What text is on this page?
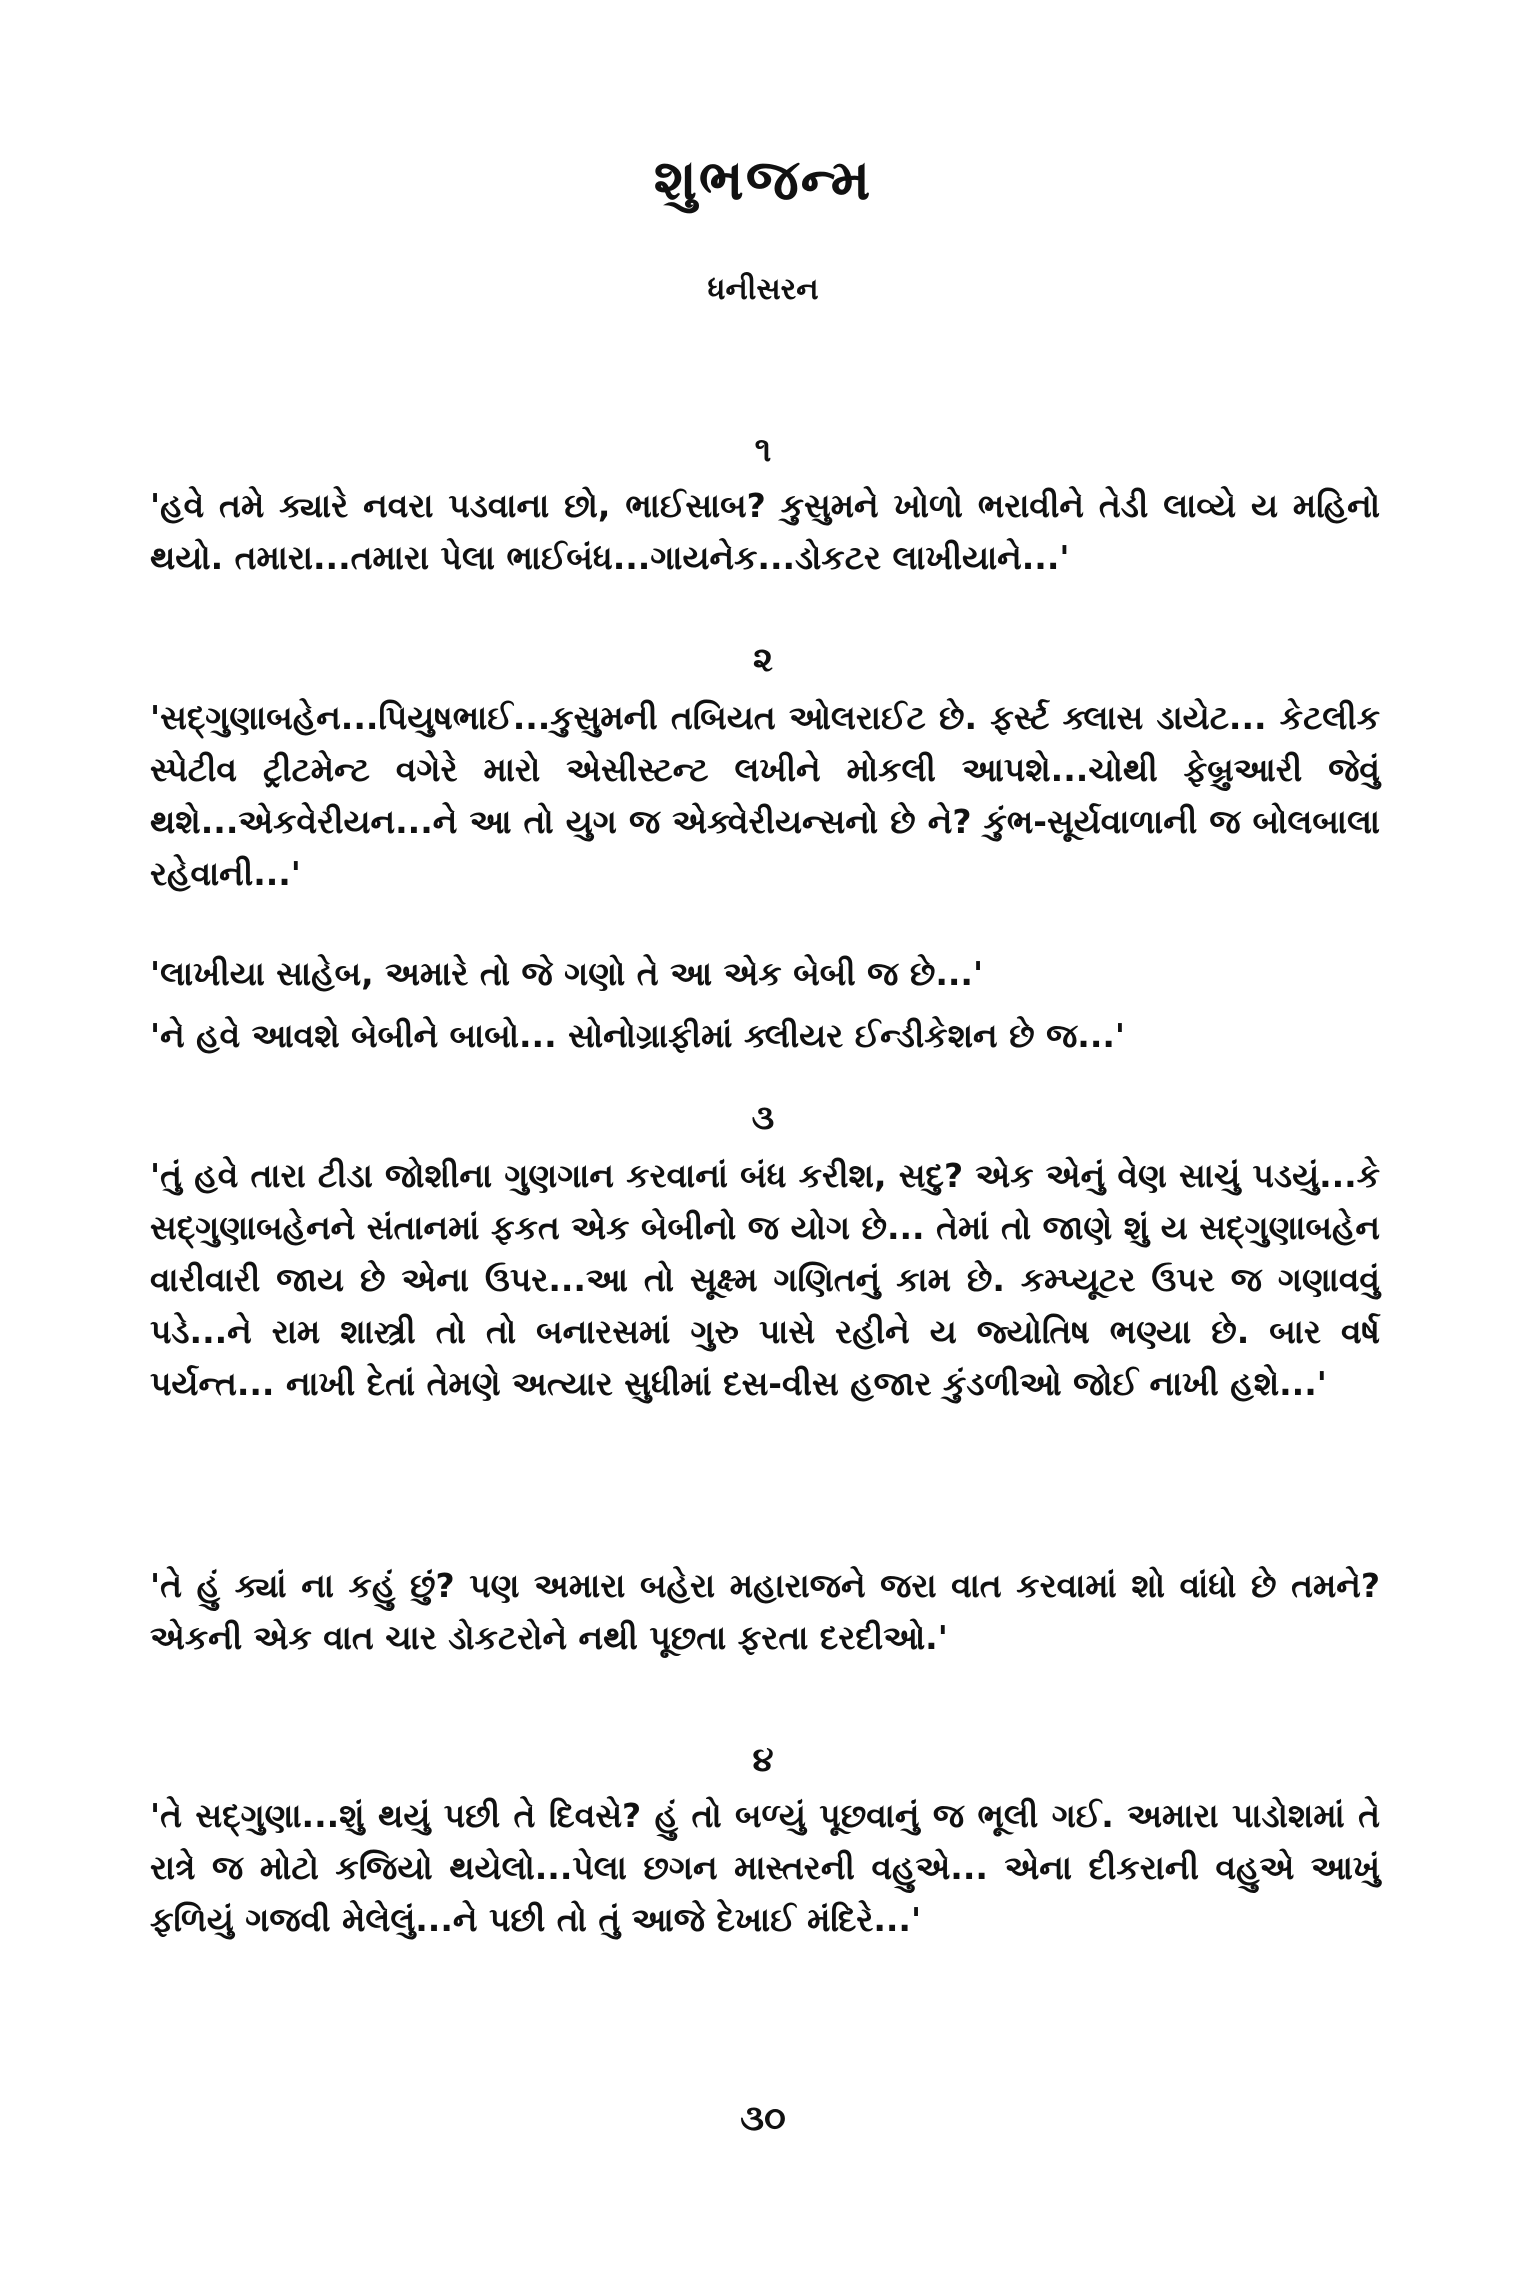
શુભજન્મ
ધનીસરન
૧
'હવે તમે ક્યારે નવરા પડવાના છો, ભાઈસાબ? કુસુમને ખોળો ભરાવીને તેડી લાવ્યે ય મહિનો થયો. તમારા...તમારા પેલા ભાઈબંધ...ગાયનેક...ડોકટર લાખીયાને...'
૨
'સદ્‌ગુણાબહેન...પિયુષભાઈ...કુસુમની તબિયત ઓલરાઈટ છે. ફર્સ્ટ ક્લાસ ડાયેટ... કેટલીક સ્પેટીવ ટ્રીટમેન્ટ વગેરે મારો એસીસ્ટન્ટ લખીને મોકલી આપશે...ચોથી ફેબ્રુઆરી જેવું થશે...એકવેરીયન...ને આ તો યુગ જ એક્વેરીયન્સનો છે ને? કુંભ-સૂર્યવાળાની જ બોલબાલા રહેવાની...'
'લાખીયા સાહેબ, અમારે તો જે ગણો તે આ એક બેબી જ છે...'
'ને હવે આવશે બેબીને બાબો... સોનોગ્રાફીમાં ક્લીયર ઈન્ડીકેશન છે જ...'
૩
'તું હવે તારા ટીડા જોશીના ગુણગાન કરવાનાં બંધ કરીશ, સદુ? એક એનું વેણ સાચું પડયું...કે સદ્‌ગુણાબહેનને સંતાનમાં ફકત એક બેબીનો જ યોગ છે... તેમાં તો જાણે શું ય સદ્‌ગુણાબહેન વારીવારી જાય છે એના ઉપર...આ તો સૂક્ષ્મ ગણિતનું કામ છે. કમ્પ્યૂટર ઉપર જ ગણાવવું પડે...ને રામ શાસ્ત્રી તો તો બનારસમાં ગુરુ પાસે રહીને ય જ્યોતિષ ભણ્યા છે. બાર વર્ષ પર્યન્ત... નાખી દેતાં તેમણે અત્યાર સુધીમાં દસ-વીસ હજાર કુંડળીઓ જોઈ નાખી હશે...'
'તે હું ક્યાં ના કહું છું? પણ અમારા બહેરા મહારાજને જરા વાત કરવામાં શો વાંધો છે તમને? એકની એક વાત ચાર ડોકટરોને નથી પૂછતા ફરતા દરદીઓ.'
૪
'તે સદ્‌ગુણા...શું થયું પછી તે દિવસે? હું તો બળ્યું પૂછવાનું જ ભૂલી ગઈ. અમારા પાડોશમાં તે રાત્રે જ મોટો કજિયો થયેલો...પેલા છગન માસ્તરની વહુએ... એના દીકરાની વહુએ આખું ફળિયું ગજવી મેલેલું...ને પછી તો તું આજે દેખાઈ મંદિરે...'
૩૦
